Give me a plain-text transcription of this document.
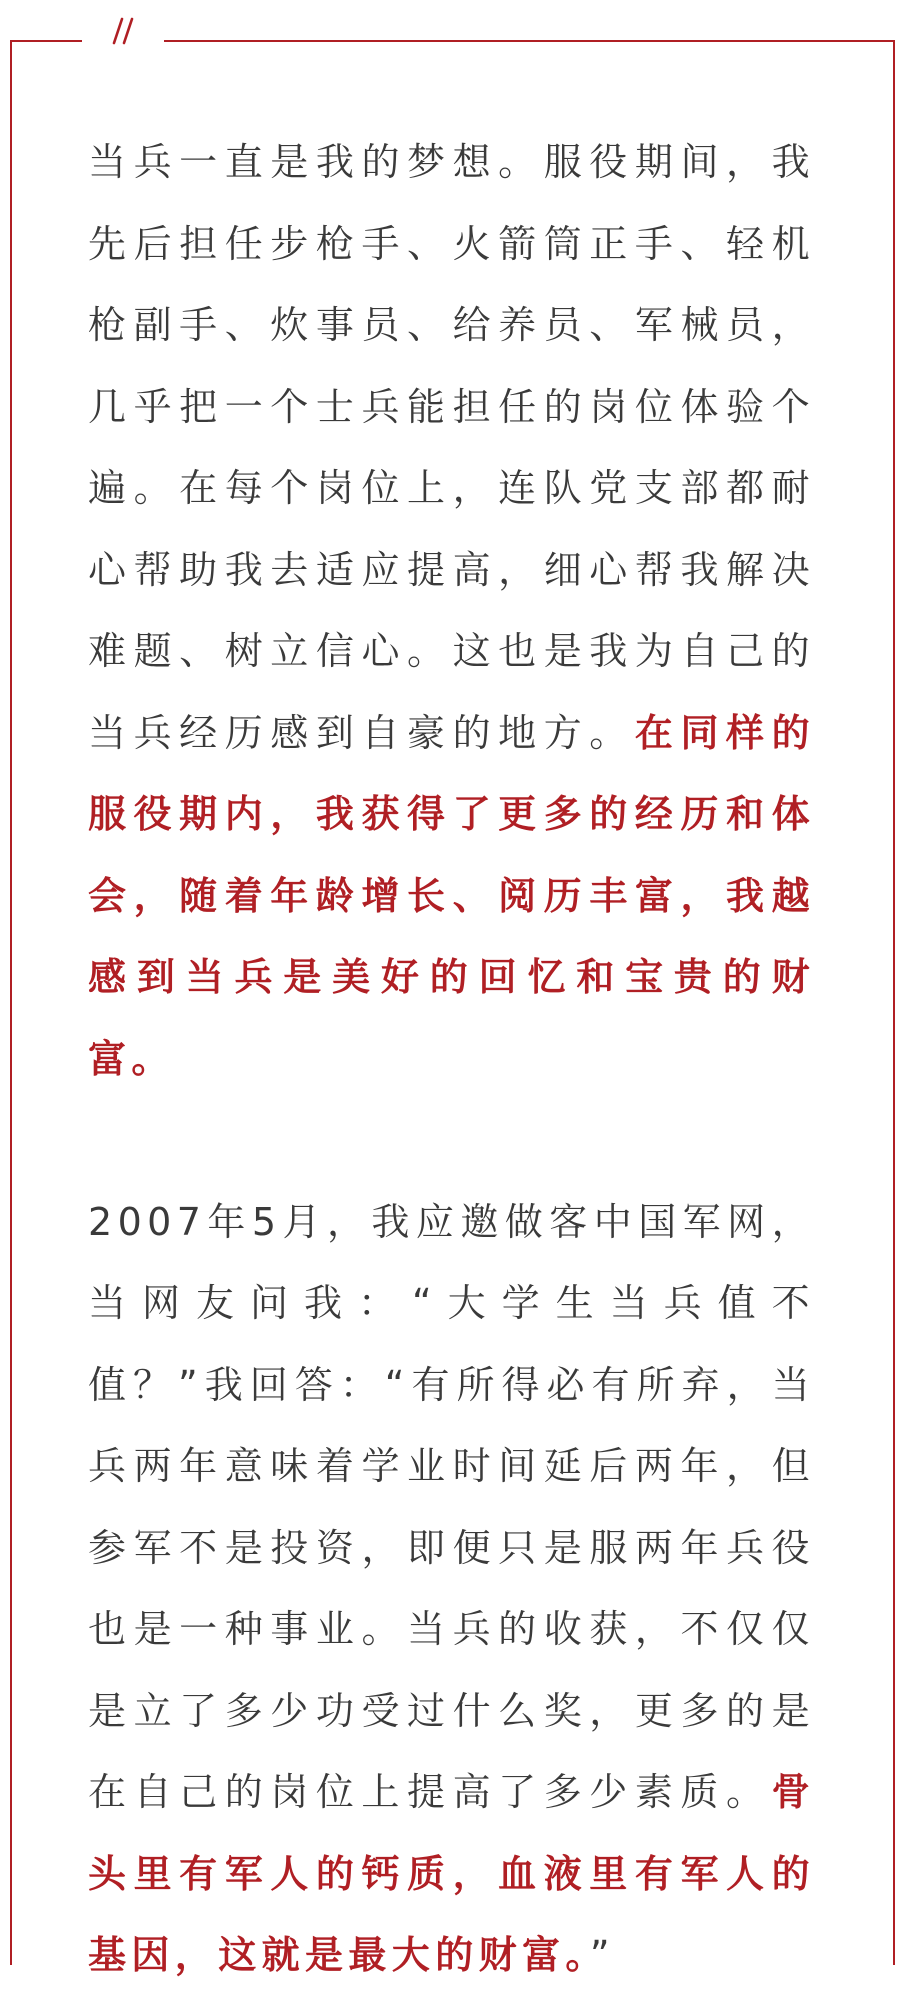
当兵一直是我的梦想。服役期间，我先后担任步枪手、火箭筒正手、轻机枪副手、炊事员、给养员、军械员，几乎把一个士兵能担任的岗位体验个遍。在每个岗位上，连队党支部都耐心帮助我去适应提高，细心帮我解决难题、树立信心。这也是我为自己的当兵经历感到自豪的地方。在同样的服役期内，我获得了更多的经历和体会，随着年龄增长、阅历丰富，我越感到当兵是美好的回忆和宝贵的财富。

2007年5月，我应邀做客中国军网，当网友问我：“大学生当兵值不值？”我回答：“有所得必有所弃，当兵两年意味着学业时间延后两年，但参军不是投资，即便只是服两年兵役也是一种事业。当兵的收获，不仅仅是立了多少功受过什么奖，更多的是在自己的岗位上提高了多少素质。骨头里有军人的钙质，血液里有军人的基因，这就是最大的财富。”
